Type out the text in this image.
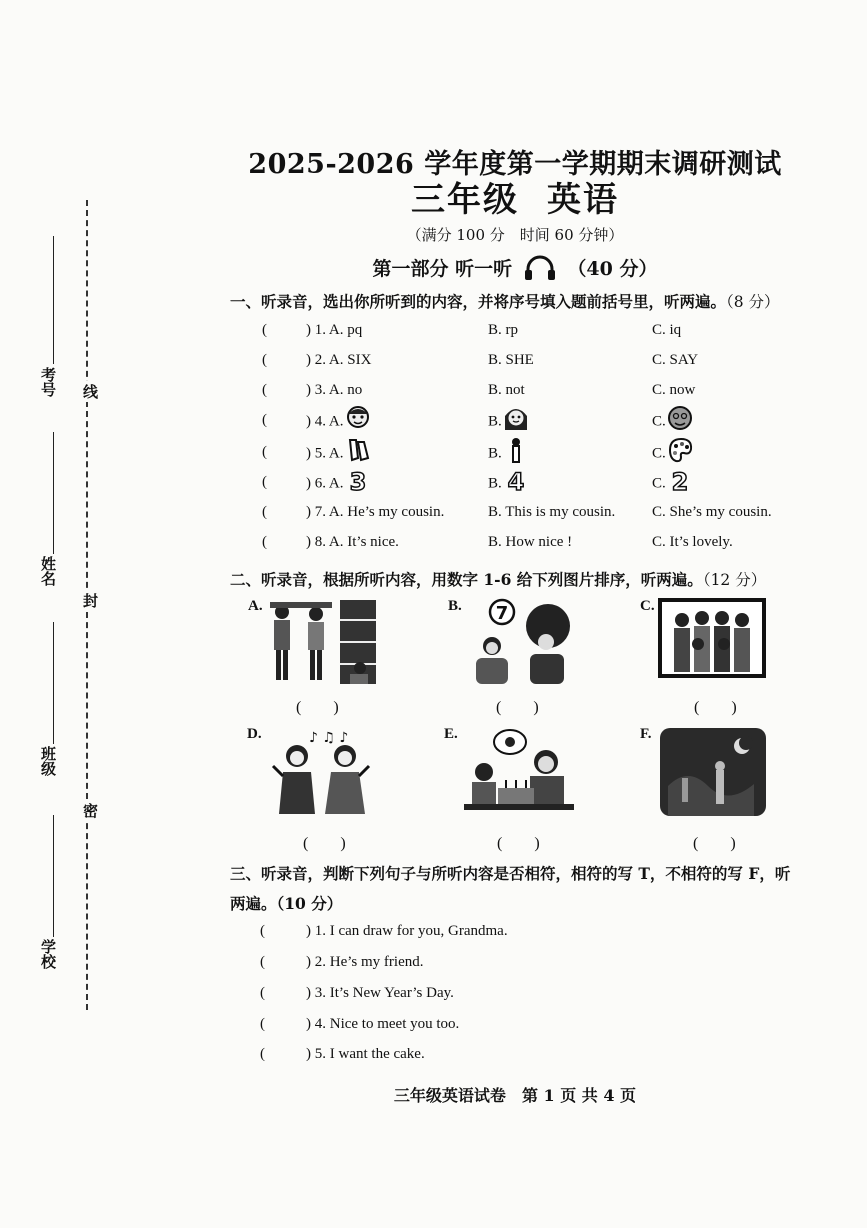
考号
姓名
班级
学校
线
封
密
2025-2026 学年度第一学期期末调研测试
三年级 英语
（满分 100 分　时间 60 分钟）
第一部分 听一听	（40 分）
一、听录音，选出你所听到的内容，并将序号填入题前括号里，听两遍。（8 分）
(	) 1. A. pq	B. rp	C. iq
(	) 2. A. SIX	B. SHE	C. SAY
(	) 3. A. no	B. not	C. now
(	) 4. A.	B.	C.
(	) 5. A.	B.	C.
(	) 6. A. 3	B. 4	C. 2
(	) 7. A. He’s my cousin.	B. This is my cousin. C. She’s my cousin.
(	) 8. A. It’s nice.	B. How nice !	C. It’s lovely.
二、听录音，根据所听内容，用数字 1-6 给下列图片排序，听两遍。（12 分）
A.
(　　)
B. 7
(　　)
C.
(　　)
D.	♪ ♫ ♪
(　　)
E.
(　　)
F.
(　　)
三、听录音，判断下列句子与所听内容是否相符，相符的写 T，不相符的写 F，听
两遍。（10 分）
(	) 1. I can draw for you, Grandma.
(	) 2. He’s my friend.
(	) 3. It’s New Year’s Day.
(	) 4. Nice to meet you too.
(	) 5. I want the cake.
三年级英语试卷 第 1 页 共 4 页
